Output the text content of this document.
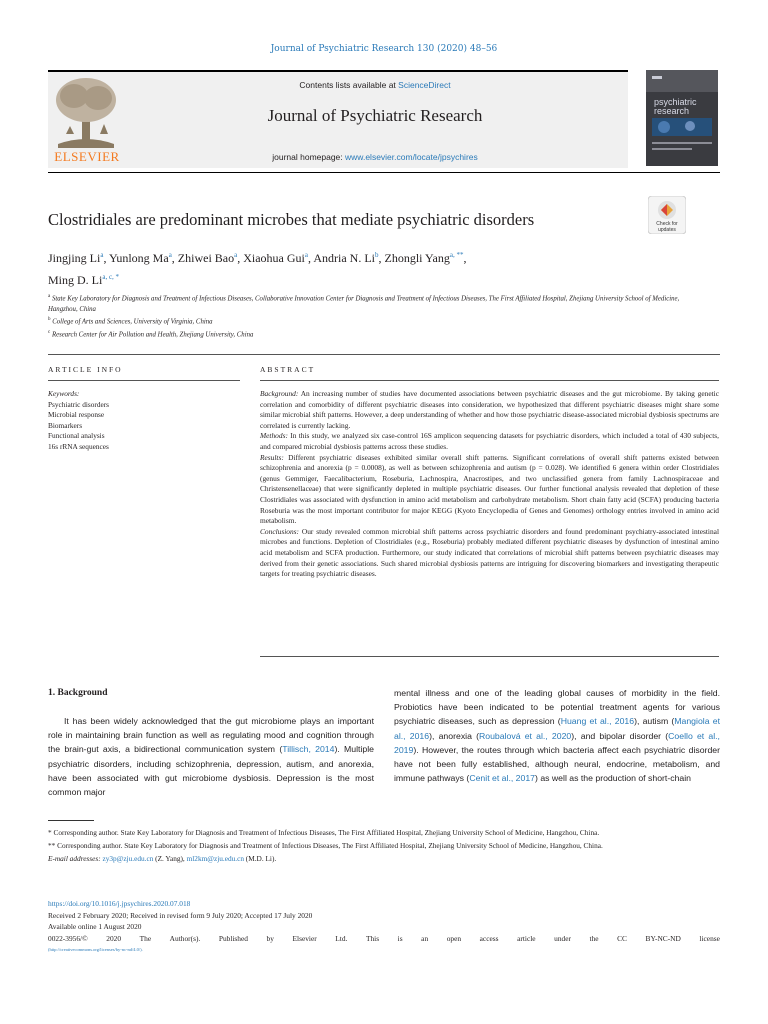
Journal of Psychiatric Research 130 (2020) 48–56
ELSEVIER
Contents lists available at ScienceDirect
Journal of Psychiatric Research
journal homepage: www.elsevier.com/locate/jpsychires
psychiatric
research
Clostridiales are predominant microbes that mediate psychiatric disorders	Check for
updates
Jingjing Li$^a$, Yunlong Ma$^a$, Zhiwei Bao$^a$, Xiaohua Gui$^a$, Andria N. Li$^b$, Zhongli Yang$^{a, **}$,
Ming D. $Li^{a, c, *}$
$^a$ State Key Laboratory for Diagnosis and Treatment of Infectious Diseases, Collaborative Innovation Center for Diagnosis and Treatment of Infectious Diseases, The First Affiliated Hospital, Zhejiang University School of Medicine, Hangzhou, China
$^b$ College of Arts and Sciences, University of Virginia, China
$^c$ Research Center for Air Pollution and Health, Zhejiang University, China
ARTICLE INFO	ABSTRACT
Keywords:
Psychiatric disorders
Microbial response
Biomarkers
Functional analysis
16s rRNA sequences

Background: An increasing number of studies have documented associations between psychiatric diseases and the gut microbiome. By taking genetic correlation and comorbidity of different psychiatric diseases into consideration, we hypothesized that different psychiatric diseases might share some similar microbial shift patterns. However, a deep understanding of whether and how those psychiatric disease-associated microbial dysbiosis spectrums are correlated is currently lacking.

Methods: In this study, we analyzed six case-control 16S amplicon sequencing datasets for psychiatric disorders, which included a total of 430 subjects, and compared microbial dysbiosis patterns across these studies.

Results: Different psychiatric diseases exhibited similar overall shift patterns. Significant correlations of overall shift patterns existed between schizophrenia and anorexia (p = 0.0008), as well as between schizophrenia and autism (p = 0.028). We identified 6 genera within order Clostridiales (genus Gemmiger, Faecalibacterium, Roseburia, Lachnospira, Anacrostipes, and two unclassified genera from family Lachnospiraceae and Christensenellaceae) that were significantly depleted in multiple psychiatric diseases. Our further functional analysis revealed that depletion of these Clostridiales was associated with dysfunction in amino acid metabolism and carbohydrate metabolism. Short chain fatty acid (SCFA) producing bacteria Roseburia was the most important contributor for major KEGG (Kyoto Encyclopedia of Genes and Genomes) orthology entries involved in amino acid metabolism.

Conclusions: Our study revealed common microbial shift patterns across psychiatric disorders and found predominant psychiatry-associated intestinal microbes and functions. Depletion of Clostridiales (e.g., Roseburia) probably mediated different psychiatric diseases by dysfunction of intestinal amino acid metabolism and SCFA production. Furthermore, our study indicated that correlations of microbial shift patterns between psychiatric diseases may derived from their genetic associations. Such shared microbial dysbiosis patterns are intriguing for discovering biomarkers and investigating therapeutic targets for treating psychiatric diseases.

1. Background
It has been widely acknowledged that the gut microbiome plays an important role in maintaining brain function as well as regulating mood and cognition through the brain-gut axis, a bidirectional communication system (Tillisch, 2014). Multiple psychiatric disorders, including schizophrenia, depression, autism, and anorexia, have been associated with gut microbiome dysbiosis. Depression is the most common major
mental illness and one of the leading global causes of morbidity in the field. Probiotics have been indicated to be potential treatment agents for various psychiatric diseases, such as depression (Huang et al., 2016), autism (Mangiola et al., 2016), anorexia (Roubalová et al., 2020), and bipolar disorder (Coello et al., 2019). However, the routes through which bacteria affect each psychiatric disorder have not been fully established, although neural, endocrine, metabolism, and immune pathways (Cenit et al., 2017) as well as the production of short-chain

* Corresponding author. State Key Laboratory for Diagnosis and Treatment of Infectious Diseases, The First Affiliated Hospital, Zhejiang University School of Medicine, Hangzhou, China.

** Corresponding author. State Key Laboratory for Diagnosis and Treatment of Infectious Diseases, The First Affiliated Hospital, Zhejiang University School of Medicine, Hangzhou, China.

E-mail addresses: zy3p@zju.edu.cn (Z. Yang), ml2km@zju.edu.cn (M.D. Li).

https://doi.org/10.1016/j.jpsychires.2020.07.018
Received 2 February 2020; Received in revised form 9 July 2020; Accepted 17 July 2020
Available online 1 August 2020
0022-3956/©	2020	The	Author(s).	Published	by	Elsevier	Ltd.	This	is	an	open	access	article	under	the	CC	BY-NC-ND	license
(http://creativecommons.org/licenses/by-nc-nd/4.0/).
